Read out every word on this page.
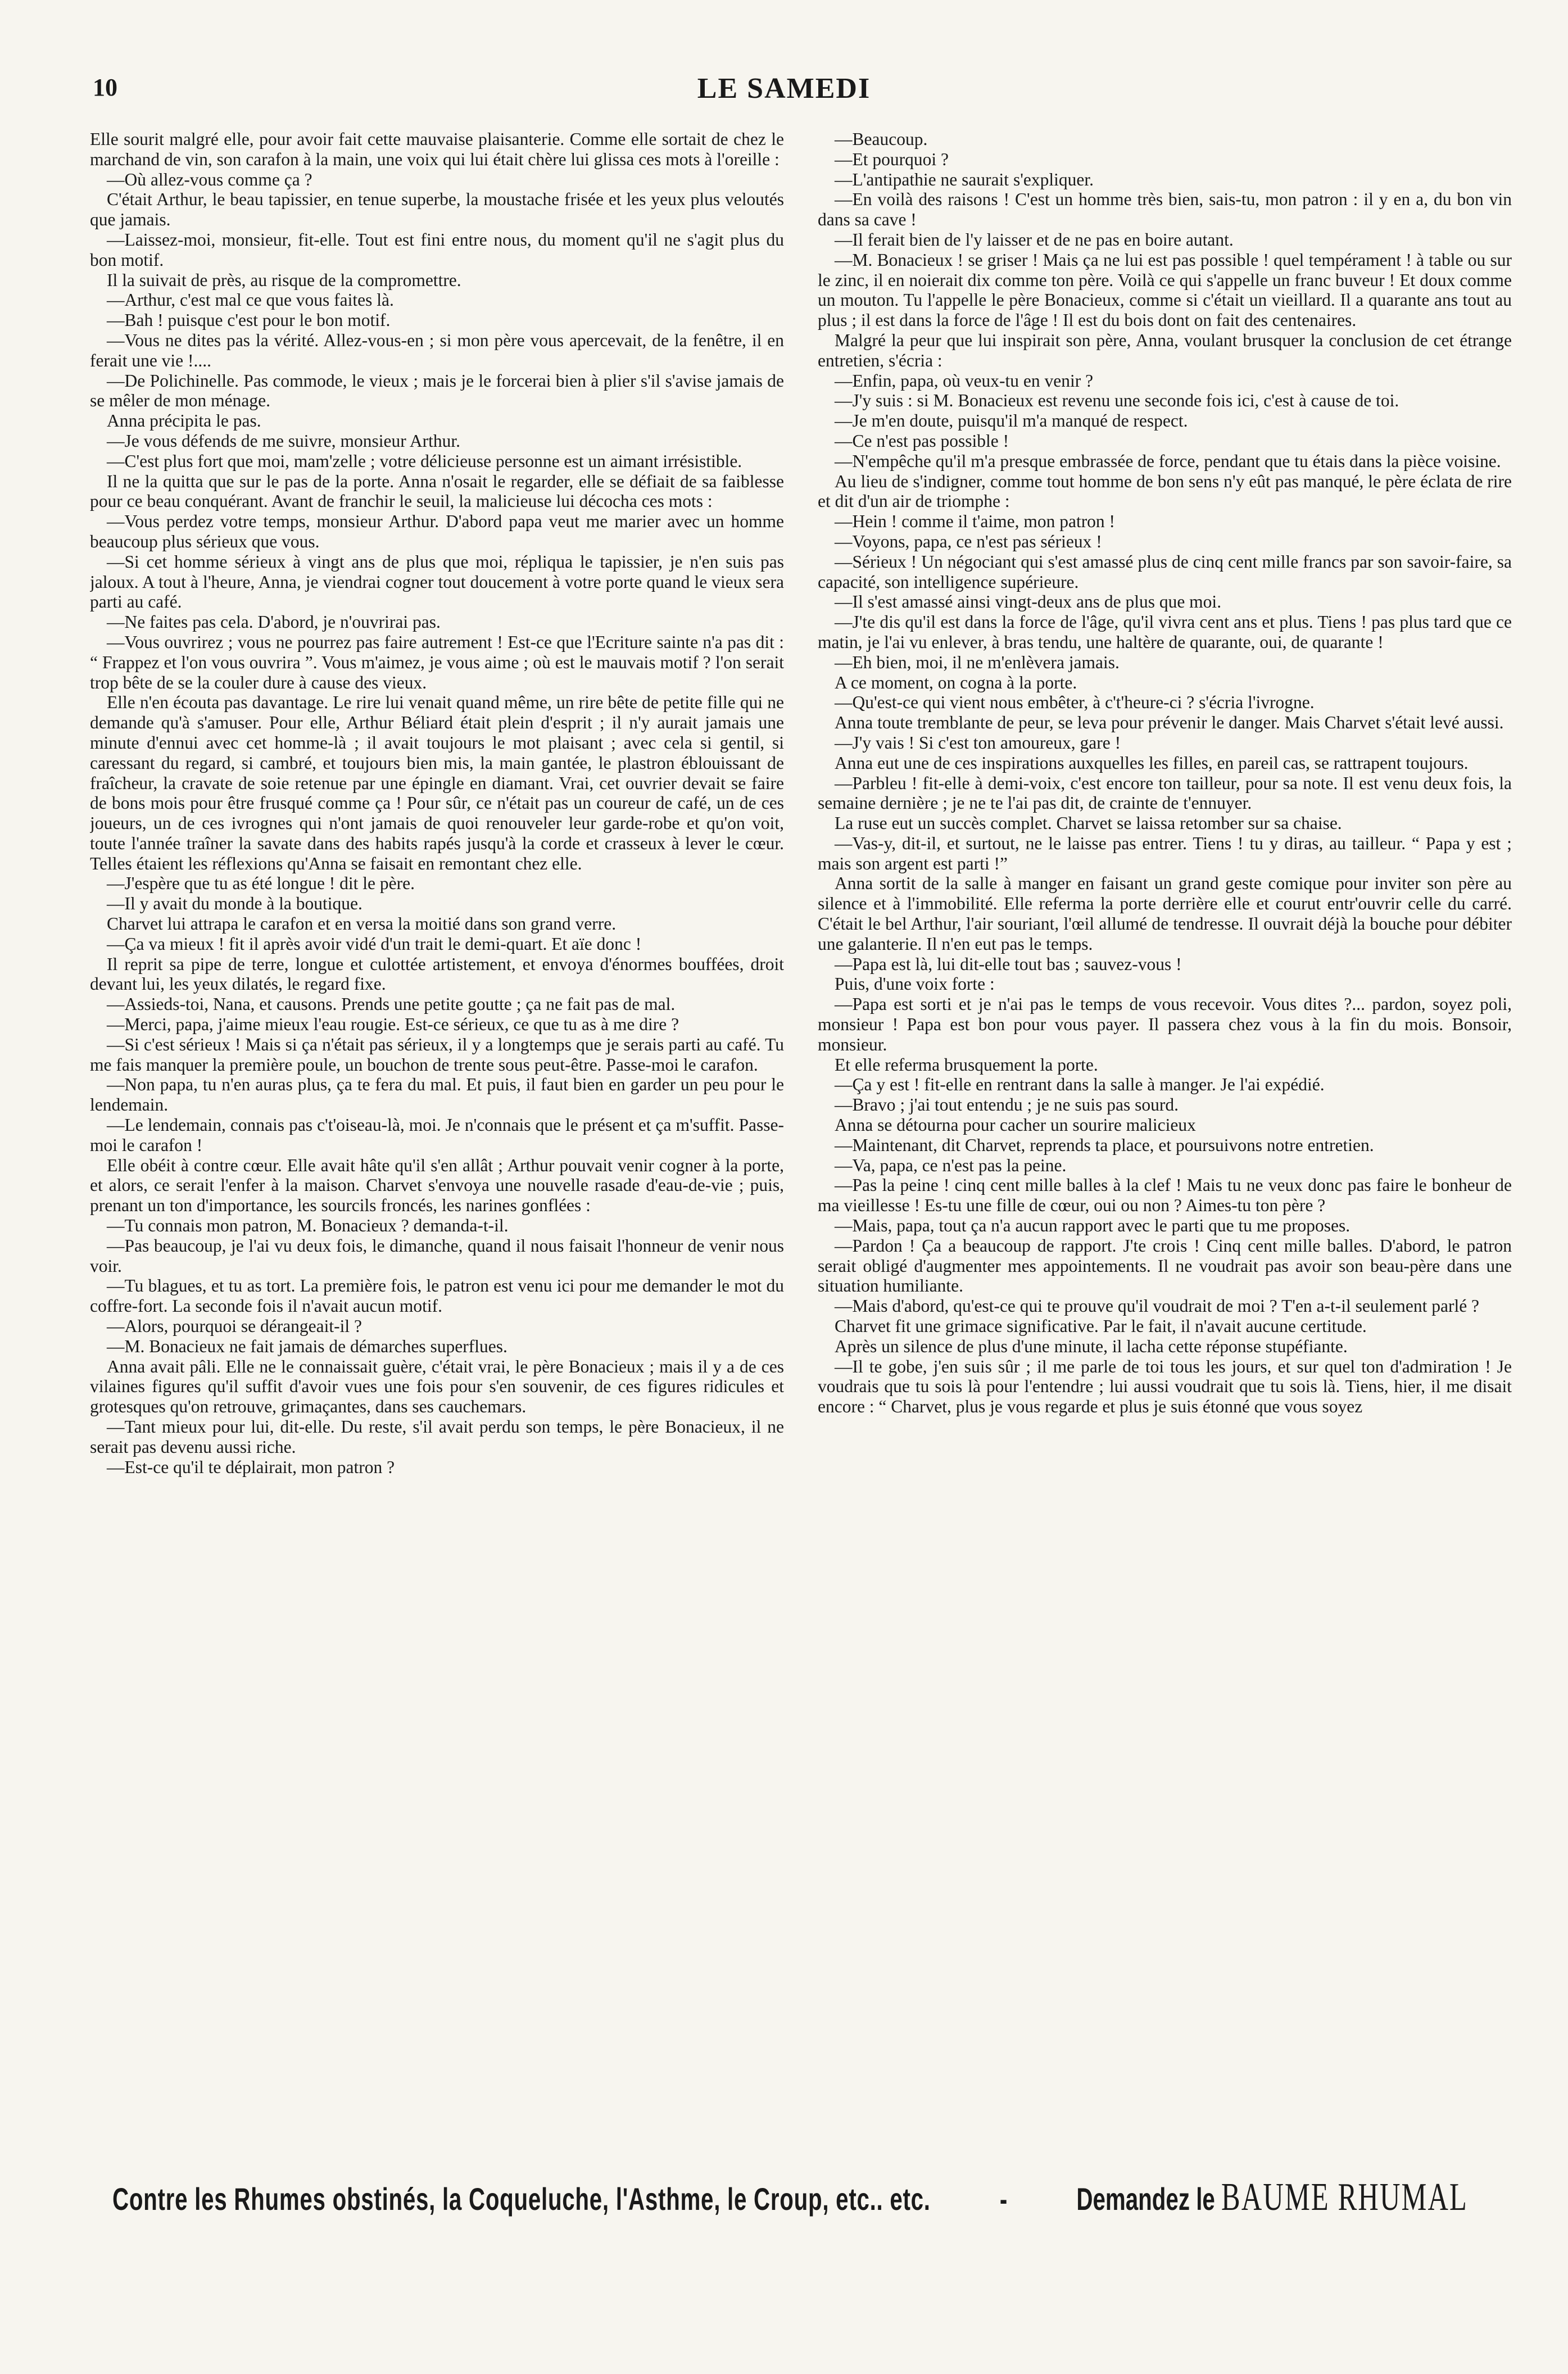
10	LE SAMEDI

Elle sourit malgré elle, pour avoir fait cette mauvaise plaisanterie. Comme elle sortait de chez le marchand de vin, son carafon à la main, une voix qui lui était chère lui glissa ces mots à l'oreille :

—Où allez-vous comme ça ?

C'était Arthur, le beau tapissier, en tenue superbe, la moustache frisée et les yeux plus veloutés que jamais.

—Laissez-moi, monsieur, fit-elle. Tout est fini entre nous, du moment qu'il ne s'agit plus du bon motif.

Il la suivait de près, au risque de la compromettre.

—Arthur, c'est mal ce que vous faites là.

—Bah ! puisque c'est pour le bon motif.

—Vous ne dites pas la vérité. Allez-vous-en ; si mon père vous apercevait, de la fenêtre, il en ferait une vie !....

—De Polichinelle. Pas commode, le vieux ; mais je le forcerai bien à plier s'il s'avise jamais de se mêler de mon ménage.

Anna précipita le pas.

—Je vous défends de me suivre, monsieur Arthur.

—C'est plus fort que moi, mam'zelle ; votre délicieuse personne est un aimant irrésistible.

Il ne la quitta que sur le pas de la porte. Anna n'osait le regarder, elle se défiait de sa faiblesse pour ce beau conquérant. Avant de franchir le seuil, la malicieuse lui décocha ces mots :

—Vous perdez votre temps, monsieur Arthur. D'abord papa veut me marier avec un homme beaucoup plus sérieux que vous.

—Si cet homme sérieux à vingt ans de plus que moi, répliqua le tapissier, je n'en suis pas jaloux. A tout à l'heure, Anna, je viendrai cogner tout doucement à votre porte quand le vieux sera parti au café.

—Ne faites pas cela. D'abord, je n'ouvrirai pas.

—Vous ouvrirez ; vous ne pourrez pas faire autrement ! Est-ce que l'Ecriture sainte n'a pas dit : “ Frappez et l'on vous ouvrira ”. Vous m'aimez, je vous aime ; où est le mauvais motif ? l'on serait trop bête de se la couler dure à cause des vieux.

Elle n'en écouta pas davantage. Le rire lui venait quand même, un rire bête de petite fille qui ne demande qu'à s'amuser. Pour elle, Arthur Béliard était plein d'esprit ; il n'y aurait jamais une minute d'ennui avec cet homme-là ; il avait toujours le mot plaisant ; avec cela si gentil, si caressant du regard, si cambré, et toujours bien mis, la main gantée, le plastron éblouissant de fraîcheur, la cravate de soie retenue par une épingle en diamant. Vrai, cet ouvrier devait se faire de bons mois pour être frusqué comme ça ! Pour sûr, ce n'était pas un coureur de café, un de ces joueurs, un de ces ivrognes qui n'ont jamais de quoi renouveler leur garde-robe et qu'on voit, toute l'année traîner la savate dans des habits rapés jusqu'à la corde et crasseux à lever le cœur. Telles étaient les réflexions qu'Anna se faisait en remontant chez elle.

—J'espère que tu as été longue ! dit le père.

—Il y avait du monde à la boutique.

Charvet lui attrapa le carafon et en versa la moitié dans son grand verre.

—Ça va mieux ! fit il après avoir vidé d'un trait le demi-quart. Et aïe donc !

Il reprit sa pipe de terre, longue et culottée artistement, et envoya d'énormes bouffées, droit devant lui, les yeux dilatés, le regard fixe.

—Assieds-toi, Nana, et causons. Prends une petite goutte ; ça ne fait pas de mal.

—Merci, papa, j'aime mieux l'eau rougie. Est-ce sérieux, ce que tu as à me dire ?

—Si c'est sérieux ! Mais si ça n'était pas sérieux, il y a longtemps que je serais parti au café. Tu me fais manquer la première poule, un bouchon de trente sous peut-être. Passe-moi le carafon.

—Non papa, tu n'en auras plus, ça te fera du mal. Et puis, il faut bien en garder un peu pour le lendemain.

—Le lendemain, connais pas c't'oiseau-là, moi. Je n'connais que le présent et ça m'suffit. Passe-moi le carafon !

Elle obéit à contre cœur. Elle avait hâte qu'il s'en allât ; Arthur pouvait venir cogner à la porte, et alors, ce serait l'enfer à la maison. Charvet s'envoya une nouvelle rasade d'eau-de-vie ; puis, prenant un ton d'importance, les sourcils froncés, les narines gonflées :

—Tu connais mon patron, M. Bonacieux ? demanda-t-il.

—Pas beaucoup, je l'ai vu deux fois, le dimanche, quand il nous faisait l'honneur de venir nous voir.

—Tu blagues, et tu as tort. La première fois, le patron est venu ici pour me demander le mot du coffre-fort. La seconde fois il n'avait aucun motif.

—Alors, pourquoi se dérangeait-il ?

—M. Bonacieux ne fait jamais de démarches superflues.

Anna avait pâli. Elle ne le connaissait guère, c'était vrai, le père Bonacieux ; mais il y a de ces vilaines figures qu'il suffit d'avoir vues une fois pour s'en souvenir, de ces figures ridicules et grotesques qu'on retrouve, grimaçantes, dans ses cauchemars.

—Tant mieux pour lui, dit-elle. Du reste, s'il avait perdu son temps, le père Bonacieux, il ne serait pas devenu aussi riche.

—Est-ce qu'il te déplairait, mon patron ?

—Beaucoup.

—Et pourquoi ?

—L'antipathie ne saurait s'expliquer.

—En voilà des raisons ! C'est un homme très bien, sais-tu, mon patron : il y en a, du bon vin dans sa cave !

—Il ferait bien de l'y laisser et de ne pas en boire autant.

—M. Bonacieux ! se griser ! Mais ça ne lui est pas possible ! quel tempérament ! à table ou sur le zinc, il en noierait dix comme ton père. Voilà ce qui s'appelle un franc buveur ! Et doux comme un mouton. Tu l'appelle le père Bonacieux, comme si c'était un vieillard. Il a quarante ans tout au plus ; il est dans la force de l'âge ! Il est du bois dont on fait des centenaires.

Malgré la peur que lui inspirait son père, Anna, voulant brusquer la conclusion de cet étrange entretien, s'écria :

—Enfin, papa, où veux-tu en venir ?

—J'y suis : si M. Bonacieux est revenu une seconde fois ici, c'est à cause de toi.

—Je m'en doute, puisqu'il m'a manqué de respect.

—Ce n'est pas possible !

—N'empêche qu'il m'a presque embrassée de force, pendant que tu étais dans la pièce voisine.

Au lieu de s'indigner, comme tout homme de bon sens n'y eût pas manqué, le père éclata de rire et dit d'un air de triomphe :

—Hein ! comme il t'aime, mon patron !

—Voyons, papa, ce n'est pas sérieux !

—Sérieux ! Un négociant qui s'est amassé plus de cinq cent mille francs par son savoir-faire, sa capacité, son intelligence supérieure.

—Il s'est amassé ainsi vingt-deux ans de plus que moi.

—J'te dis qu'il est dans la force de l'âge, qu'il vivra cent ans et plus. Tiens ! pas plus tard que ce matin, je l'ai vu enlever, à bras tendu, une haltère de quarante, oui, de quarante !

—Eh bien, moi, il ne m'enlèvera jamais.

A ce moment, on cogna à la porte.

—Qu'est-ce qui vient nous embêter, à c't'heure-ci ? s'écria l'ivrogne.

Anna toute tremblante de peur, se leva pour prévenir le danger. Mais Charvet s'était levé aussi.

—J'y vais ! Si c'est ton amoureux, gare !

Anna eut une de ces inspirations auxquelles les filles, en pareil cas, se rattrapent toujours.

—Parbleu ! fit-elle à demi-voix, c'est encore ton tailleur, pour sa note. Il est venu deux fois, la semaine dernière ; je ne te l'ai pas dit, de crainte de t'ennuyer.

La ruse eut un succès complet. Charvet se laissa retomber sur sa chaise.

—Vas-y, dit-il, et surtout, ne le laisse pas entrer. Tiens ! tu y diras, au tailleur. “ Papa y est ; mais son argent est parti !”

Anna sortit de la salle à manger en faisant un grand geste comique pour inviter son père au silence et à l'immobilité. Elle referma la porte derrière elle et courut entr'ouvrir celle du carré. C'était le bel Arthur, l'air souriant, l'œil allumé de tendresse. Il ouvrait déjà la bouche pour débiter une galanterie. Il n'en eut pas le temps.

—Papa est là, lui dit-elle tout bas ; sauvez-vous !

Puis, d'une voix forte :

—Papa est sorti et je n'ai pas le temps de vous recevoir. Vous dites ?... pardon, soyez poli, monsieur ! Papa est bon pour vous payer. Il passera chez vous à la fin du mois. Bonsoir, monsieur.

Et elle referma brusquement la porte.

—Ça y est ! fit-elle en rentrant dans la salle à manger. Je l'ai expédié.

—Bravo ; j'ai tout entendu ; je ne suis pas sourd.

Anna se détourna pour cacher un sourire malicieux

—Maintenant, dit Charvet, reprends ta place, et poursuivons notre entretien.

—Va, papa, ce n'est pas la peine.

—Pas la peine ! cinq cent mille balles à la clef ! Mais tu ne veux donc pas faire le bonheur de ma vieillesse ! Es-tu une fille de cœur, oui ou non ? Aimes-tu ton père ?

—Mais, papa, tout ça n'a aucun rapport avec le parti que tu me proposes.

—Pardon ! Ça a beaucoup de rapport. J'te crois ! Cinq cent mille balles. D'abord, le patron serait obligé d'augmenter mes appointements. Il ne voudrait pas avoir son beau-père dans une situation humiliante.

—Mais d'abord, qu'est-ce qui te prouve qu'il voudrait de moi ? T'en a-t-il seulement parlé ?

Charvet fit une grimace significative. Par le fait, il n'avait aucune certitude.

Après un silence de plus d'une minute, il lacha cette réponse stupéfiante.

—Il te gobe, j'en suis sûr ; il me parle de toi tous les jours, et sur quel ton d'admiration ! Je voudrais que tu sois là pour l'entendre ; lui aussi voudrait que tu sois là. Tiens, hier, il me disait encore : “ Charvet, plus je vous regarde et plus je suis étonné que vous soyez

Contre les Rhumes obstinés, la Coqueluche, l'Asthme, le Croup, etc.. etc. - Demandez le BAUME RHUMAL
